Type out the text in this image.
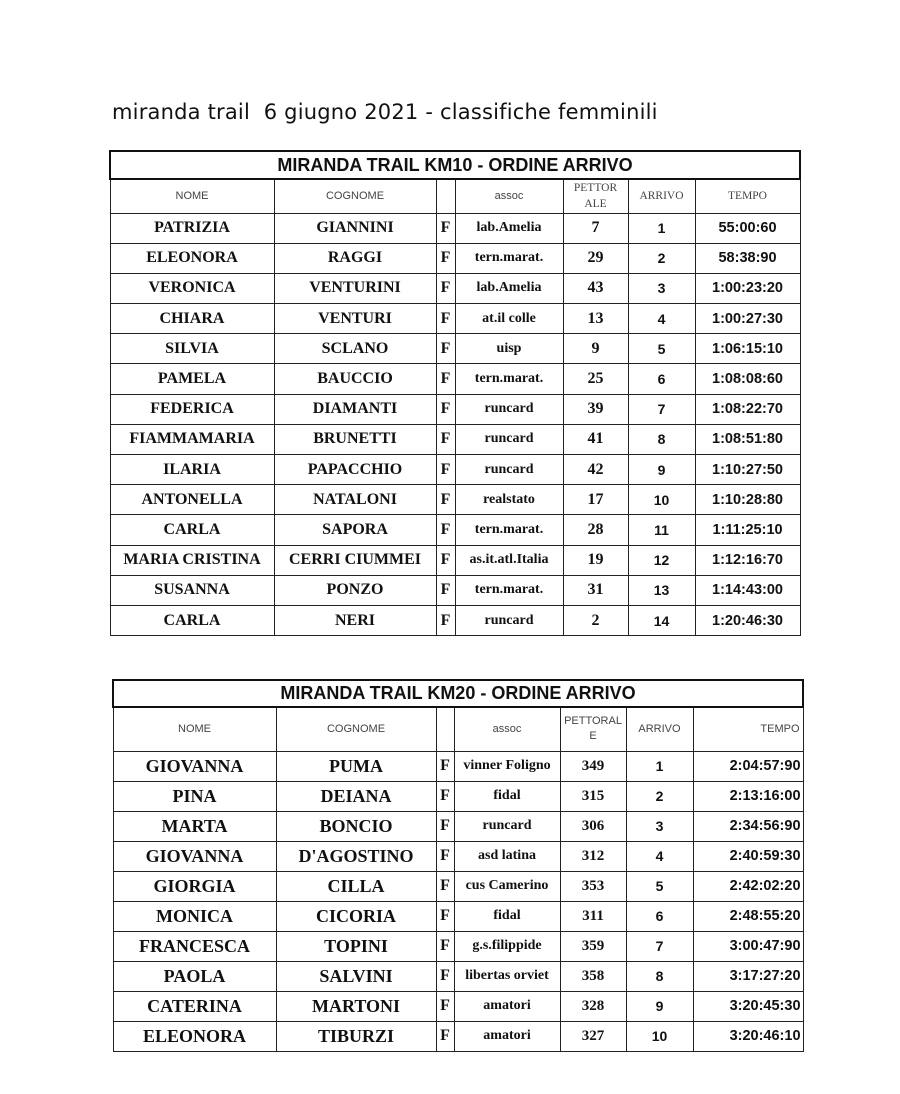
miranda trail  6 giugno 2021 - classifiche femminili
MIRANDA TRAIL KM10 - ORDINE ARRIVO						
NOME	COGNOME		assoc	PETTOR ALE	ARRIVO	TEMPO
PATRIZIA	GIANNINI	F	lab.Amelia	7	1	55:00:60
ELEONORA	RAGGI	F	tern.marat.	29	2	58:38:90
VERONICA	VENTURINI	F	lab.Amelia	43	3	1:00:23:20
CHIARA	VENTURI	F	at.il colle	13	4	1:00:27:30
SILVIA	SCLANO	F	uisp	9	5	1:06:15:10
PAMELA	BAUCCIO	F	tern.marat.	25	6	1:08:08:60
FEDERICA	DIAMANTI	F	runcard	39	7	1:08:22:70
FIAMMAMARIA	BRUNETTI	F	runcard	41	8	1:08:51:80
ILARIA	PAPACCHIO	F	runcard	42	9	1:10:27:50
ANTONELLA	NATALONI	F	realstato	17	10	1:10:28:80
CARLA	SAPORA	F	tern.marat.	28	11	1:11:25:10
MARIA CRISTINA	CERRI CIUMMEI	F	as.it.atl.Italia	19	12	1:12:16:70
SUSANNA	PONZO	F	tern.marat.	31	13	1:14:43:00
CARLA	NERI	F	runcard	2	14	1:20:46:30
MIRANDA TRAIL KM20 - ORDINE ARRIVO						
NOME	COGNOME		assoc	PETTORAL E	ARRIVO	TEMPO
GIOVANNA	PUMA	F	vinner Foligno	349	1	2:04:57:90
PINA	DEIANA	F	fidal	315	2	2:13:16:00
MARTA	BONCIO	F	runcard	306	3	2:34:56:90
GIOVANNA	D'AGOSTINO	F	asd latina	312	4	2:40:59:30
GIORGIA	CILLA	F	cus Camerino	353	5	2:42:02:20
MONICA	CICORIA	F	fidal	311	6	2:48:55:20
FRANCESCA	TOPINI	F	g.s.filippide	359	7	3:00:47:90
PAOLA	SALVINI	F	libertas orviet	358	8	3:17:27:20
CATERINA	MARTONI	F	amatori	328	9	3:20:45:30
ELEONORA	TIBURZI	F	amatori	327	10	3:20:46:10
